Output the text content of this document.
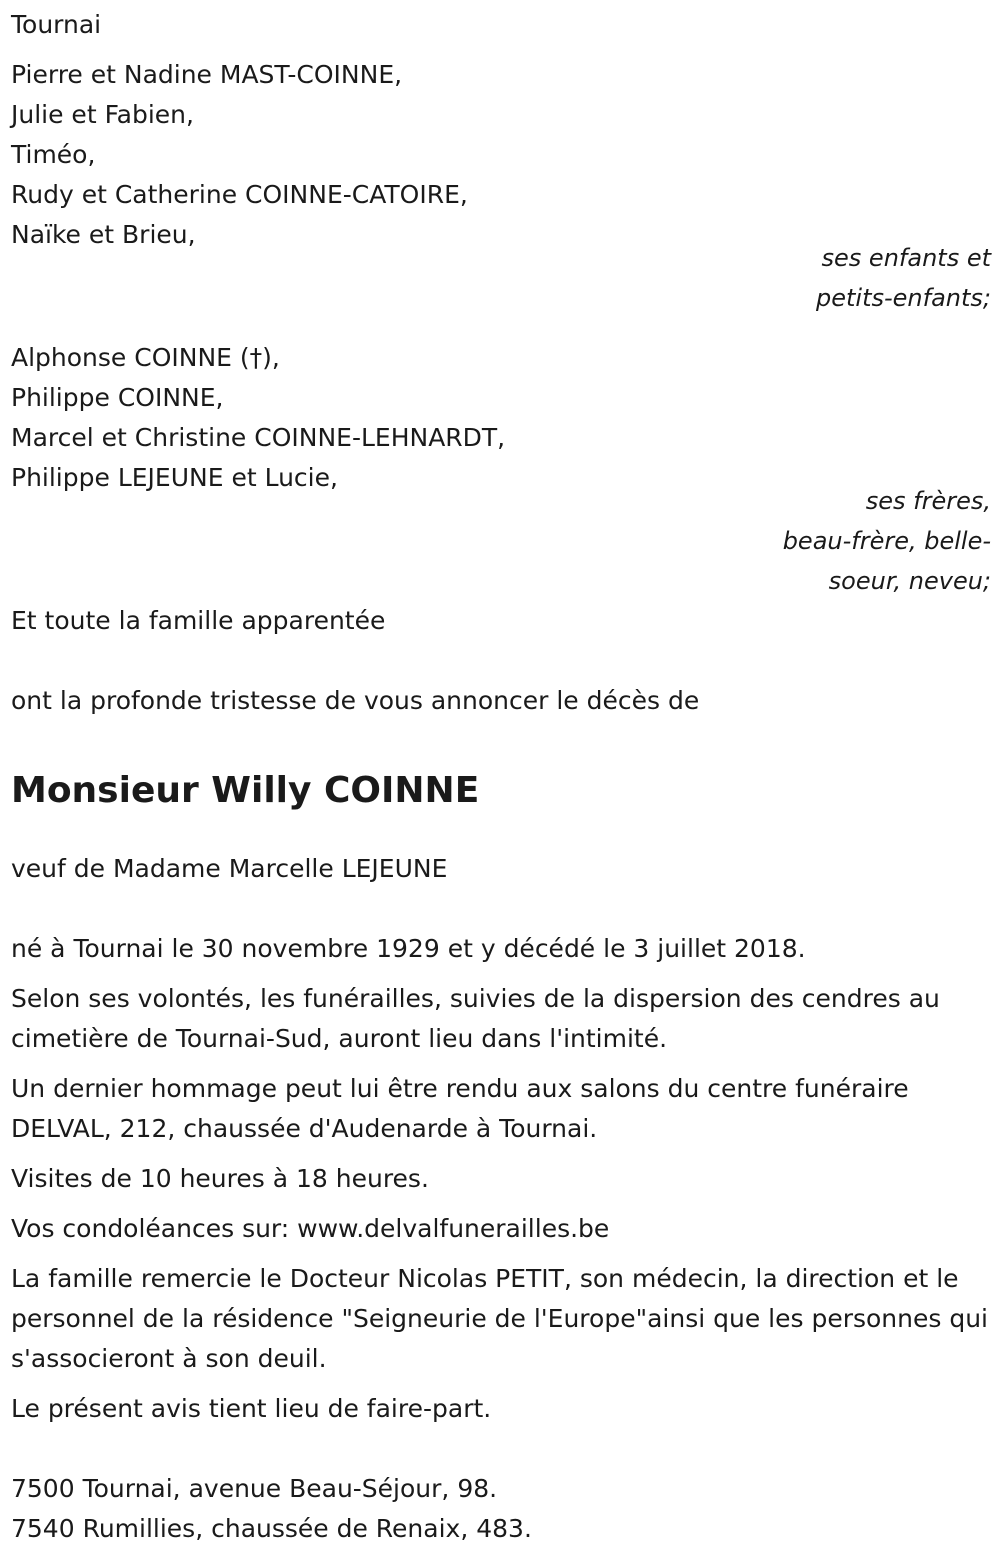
Tournai
Pierre et Nadine MAST-COINNE,
Julie et Fabien,
Timéo,
Rudy et Catherine COINNE-CATOIRE,
Naïke et Brieu,
ses enfants et
petits-enfants;
Alphonse COINNE (†),
Philippe COINNE,
Marcel et Christine COINNE-LEHNARDT,
Philippe LEJEUNE et Lucie,
ses frères,
beau-frère, belle-
soeur, neveu;
Et toute la famille apparentée
ont la profonde tristesse de vous annoncer le décès de
Monsieur Willy COINNE
veuf de Madame Marcelle LEJEUNE
né à Tournai le 30 novembre 1929 et y décédé le 3 juillet 2018.
Selon ses volontés, les funérailles, suivies de la dispersion des cendres au cimetière de Tournai-Sud, auront lieu dans l'intimité.
Un dernier hommage peut lui être rendu aux salons du centre funéraire DELVAL, 212, chaussée d'Audenarde à Tournai.
Visites de 10 heures à 18 heures.
Vos condoléances sur: www.delvalfunerailles.be
La famille remercie le Docteur Nicolas PETIT, son médecin, la direction et le personnel de la résidence "Seigneurie de l'Europe"ainsi que les personnes qui s'associeront à son deuil.
Le présent avis tient lieu de faire-part.
7500 Tournai, avenue Beau-Séjour, 98.
7540 Rumillies, chaussée de Renaix, 483.
